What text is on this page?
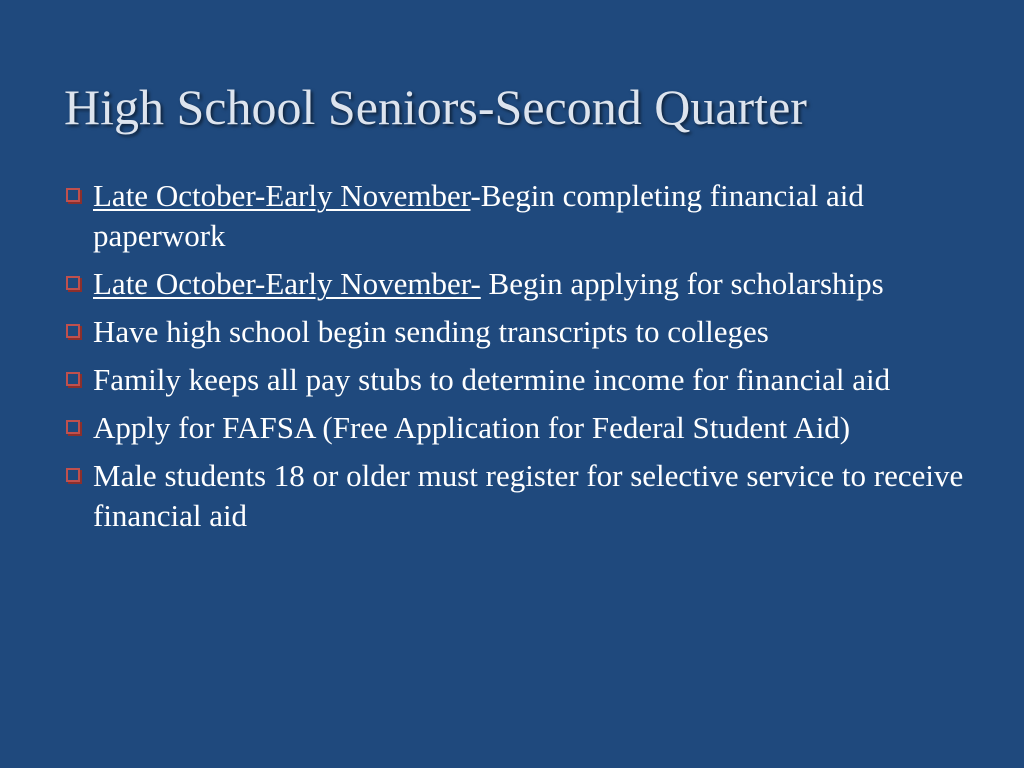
High School Seniors-Second Quarter
Late October-Early November-Begin completing financial aid paperwork
Late October-Early November- Begin applying for scholarships
Have high school begin sending transcripts to colleges
Family keeps all pay stubs to determine income for financial aid
Apply for FAFSA (Free Application for Federal Student Aid)
Male students 18 or older must register for selective service to receive financial aid
